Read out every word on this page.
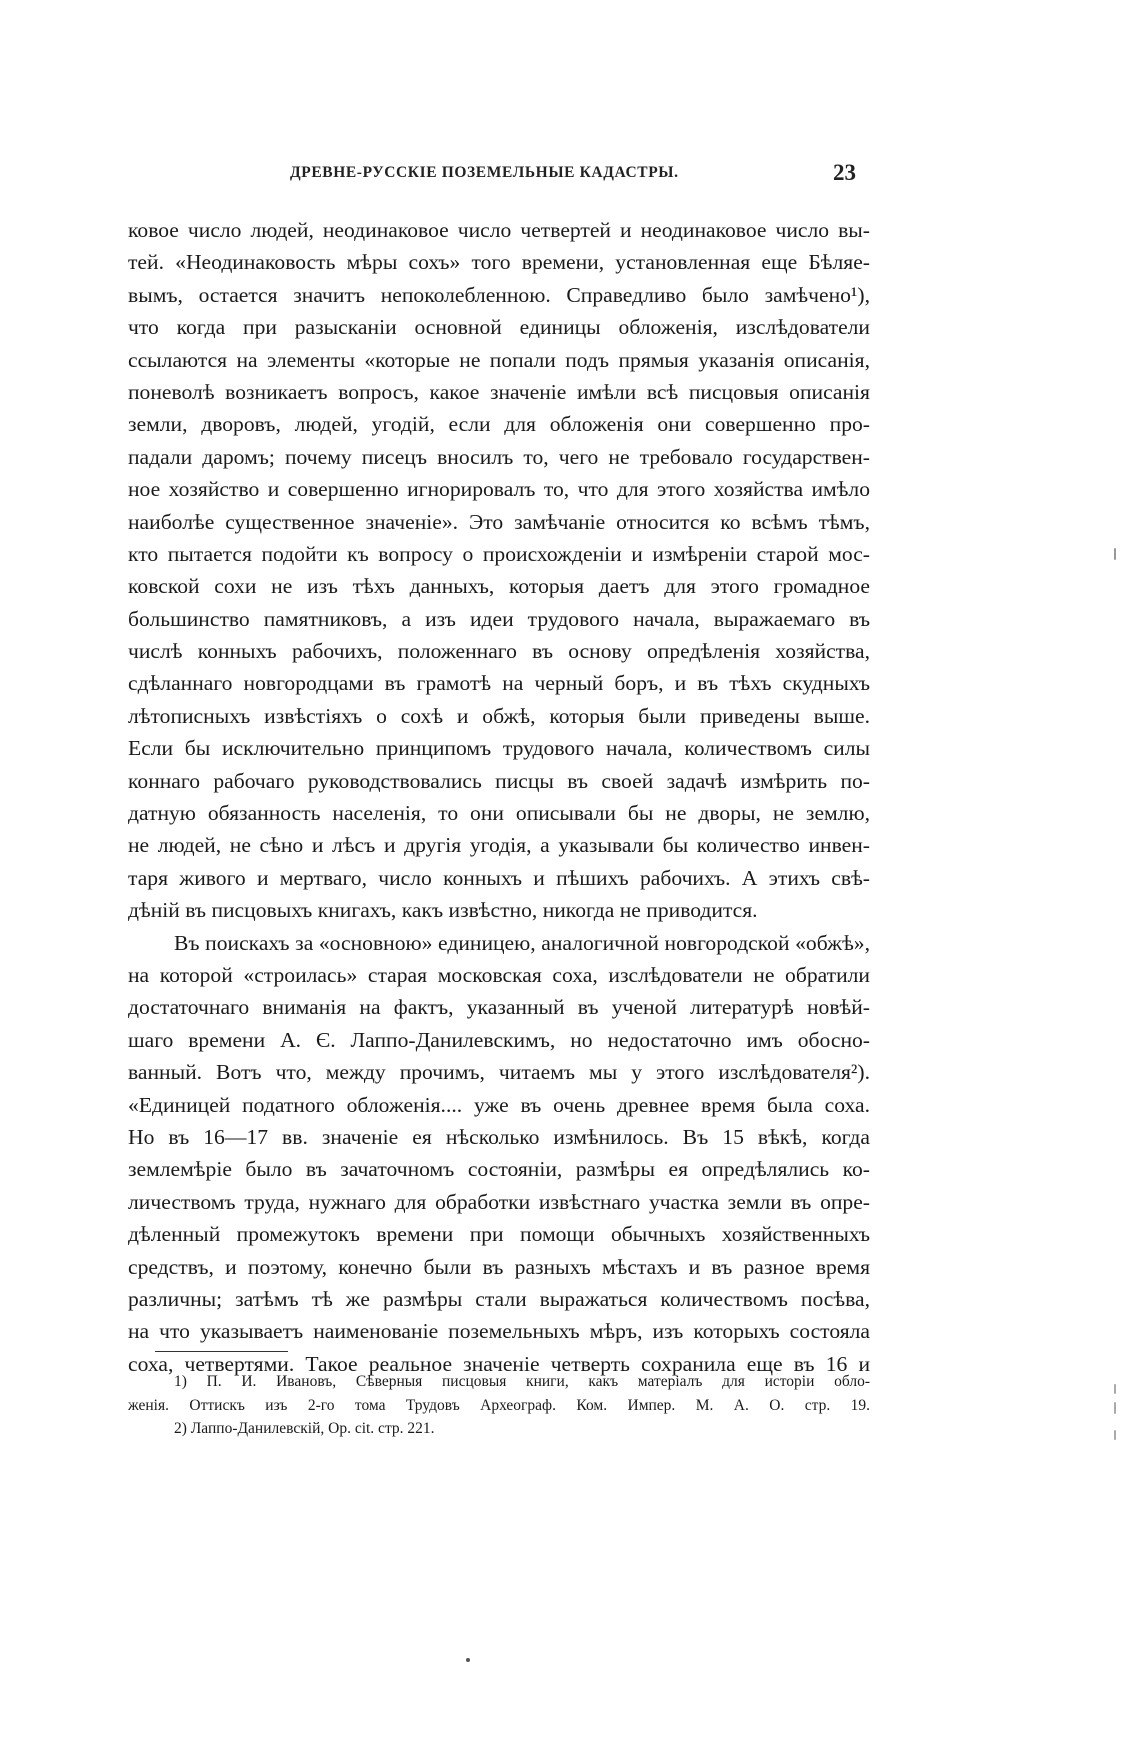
ДРЕВНЕ-РУССКІЕ ПОЗЕМЕЛЬНЫЕ КАДАСТРЫ.	23
ковое число людей, неодинаковое число четвертей и неодинаковое число вы-
тей. «Неодинаковость мѣры сохъ» того времени, установленная еще Бѣляе-
вымъ, остается значитъ непоколебленною. Справедливо было замѣчено¹),
что когда при разысканіи основной единицы обложенія, изслѣдователи
ссылаются на элементы «которые не попали подъ прямыя указанія описанія,
поневолѣ возникаетъ вопросъ, какое значеніе имѣли всѣ писцовыя описанія
земли, дворовъ, людей, угодій, если для обложенія они совершенно про-
падали даромъ; почему писецъ вносилъ то, чего не требовало государствен-
ное хозяйство и совершенно игнорировалъ то, что для этого хозяйства имѣло
наиболѣе существенное значеніе». Это замѣчаніе относится ко всѣмъ тѣмъ,
кто пытается подойти къ вопросу о происхожденіи и измѣреніи старой мос-
ковской сохи не изъ тѣхъ данныхъ, которыя даетъ для этого громадное
большинство памятниковъ, а изъ идеи трудового начала, выражаемаго въ
числѣ конныхъ рабочихъ, положеннаго въ основу опредѣленія хозяйства,
сдѣланнаго новгородцами въ грамотѣ на черный боръ, и въ тѣхъ скудныхъ
лѣтописныхъ извѣстіяхъ о сохѣ и обжѣ, которыя были приведены выше.
Если бы исключительно принципомъ трудового начала, количествомъ силы
коннаго рабочаго руководствовались писцы въ своей задачѣ измѣрить по-
датную обязанность населенія, то они описывали бы не дворы, не землю,
не людей, не сѣно и лѣсъ и другія угодія, а указывали бы количество инвен-
таря живого и мертваго, число конныхъ и пѣшихъ рабочихъ. А этихъ свѣ-
дѣній въ писцовыхъ книгахъ, какъ извѣстно, никогда не приводится.
Въ поискахъ за «основною» единицею, аналогичной новгородской «обжѣ»,
на которой «строилась» старая московская соха, изслѣдователи не обратили
достаточнаго вниманія на фактъ, указанный въ ученой литературѣ новѣй-
шаго времени А. Є. Лаппо-Данилевскимъ, но недостаточно имъ обосно-
ванный. Вотъ что, между прочимъ, читаемъ мы у этого изслѣдователя²).
«Единицей податного обложенія.... уже въ очень древнее время была соха.
Но въ 16—17 вв. значеніе ея нѣсколько измѣнилось. Въ 15 вѣкѣ, когда
землемѣріе было въ зачаточномъ состояніи, размѣры ея опредѣлялись ко-
личествомъ труда, нужнаго для обработки извѣстнаго участка земли въ опре-
дѣленный промежутокъ времени при помощи обычныхъ хозяйственныхъ
средствъ, и поэтому, конечно были въ разныхъ мѣстахъ и въ разное время
различны; затѣмъ тѣ же размѣры стали выражаться количествомъ посѣва,
на что указываетъ наименованіе поземельныхъ мѣръ, изъ которыхъ состояла
соха, четвертями. Такое реальное значеніе четверть сохранила еще въ 16 и
1) П. И. Ивановъ, Сѣверныя писцовыя книги, какъ матеріалъ для исторіи обло-
женія. Оттискъ изъ 2-го тома Трудовъ Археограф. Ком. Импер. М. А. О. стр. 19.
2) Лаппо-Данилевскій, Op. cit. стр. 221.
